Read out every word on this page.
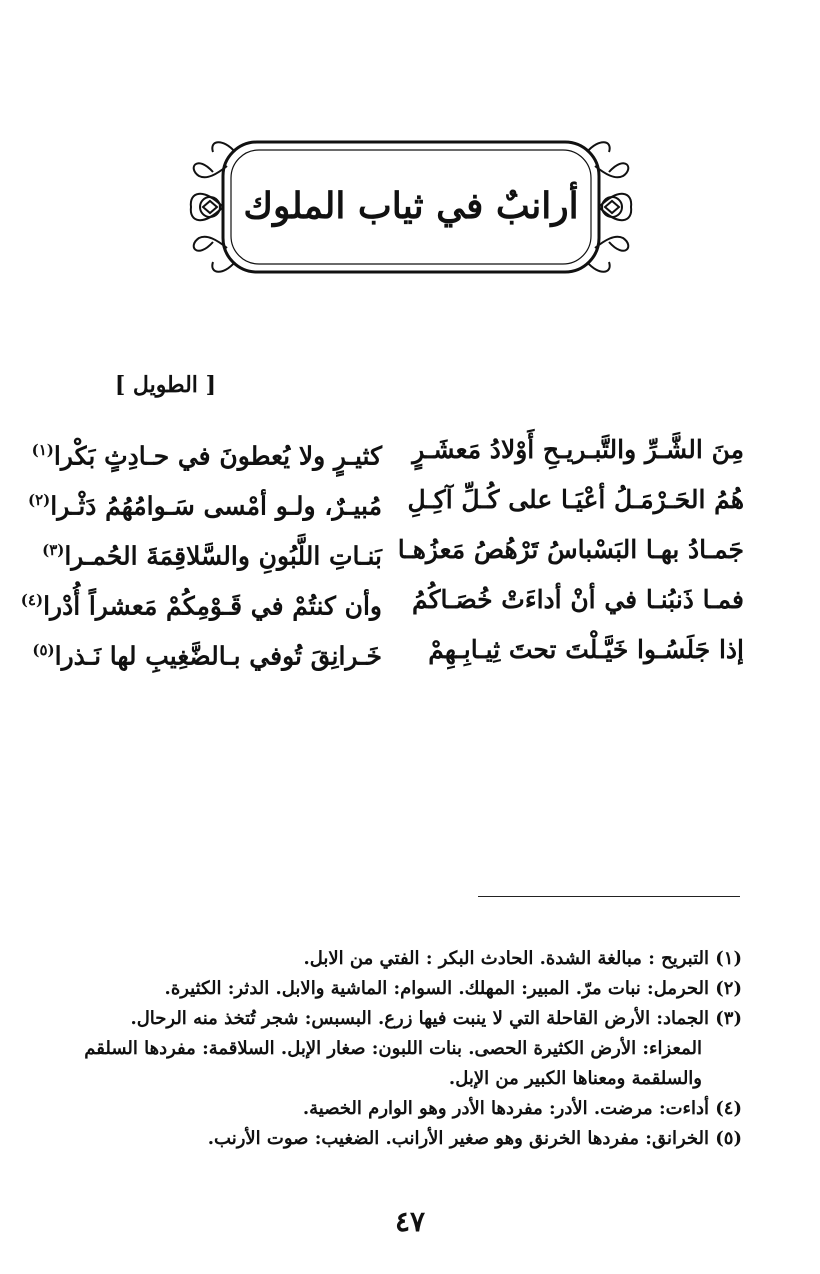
أرانبٌ في ثياب الملوك
[ الطويل ]
مِنَ الشَّـرِّ والتَّبـريـحِ أَوْلادُ مَعشَـرٍ
كثيـرٍ ولا يُعطونَ في حـادِثٍ بَكْرا$^{(١)}$
هُمُ الحَـرْمَـلُ أعْيَـا على كُـلِّ آكِـلِ
مُبيـرٌ، ولـو أمْسى سَـوامُهُمُ دَثْـرا$^{(٢)}$
جَمـادُ بهـا البَسْباسُ تَرْهُصُ مَعزُهـا
بَنـاتِ اللَّبُونِ والسَّلاقِمَةَ الحُمـرا$^{(٣)}$
فمـا ذَنبُنـا في أنْ أداءَتْ خُصَـاكُمُ
وأن كنتُمْ في قَـوْمِكُمْ مَعشراً أُدْرا$^{(٤)}$
إذا جَلَسُـوا خَيَّـلْتَ تحتَ ثِيـابِـهِمْ
خَـرانِقَ تُوفي بـالضَّغِيبِ لها نَـذرا$^{(٥)}$
(١) التبريح : مبالغة الشدة. الحادث البكر : الفتي من الابل.
(٢) الحرمل: نبات مرّ. المبير: المهلك. السوام: الماشية والابل. الدثر: الكثيرة.
(٣) الجماد: الأرض القاحلة التي لا ينبت فيها زرع. البسبس: شجر تُتخذ منه الرحال.
المعزاء: الأرض الكثيرة الحصى. بنات اللبون: صغار الإبل. السلاقمة: مفردها السلقم
والسلقمة ومعناها الكبير من الإبل.
(٤) أداءت: مرضت. الأدر: مفردها الأدر وهو الوارم الخصية.
(٥) الخرانق: مفردها الخرنق وهو صغير الأرانب. الضغيب: صوت الأرنب.
٤٧
